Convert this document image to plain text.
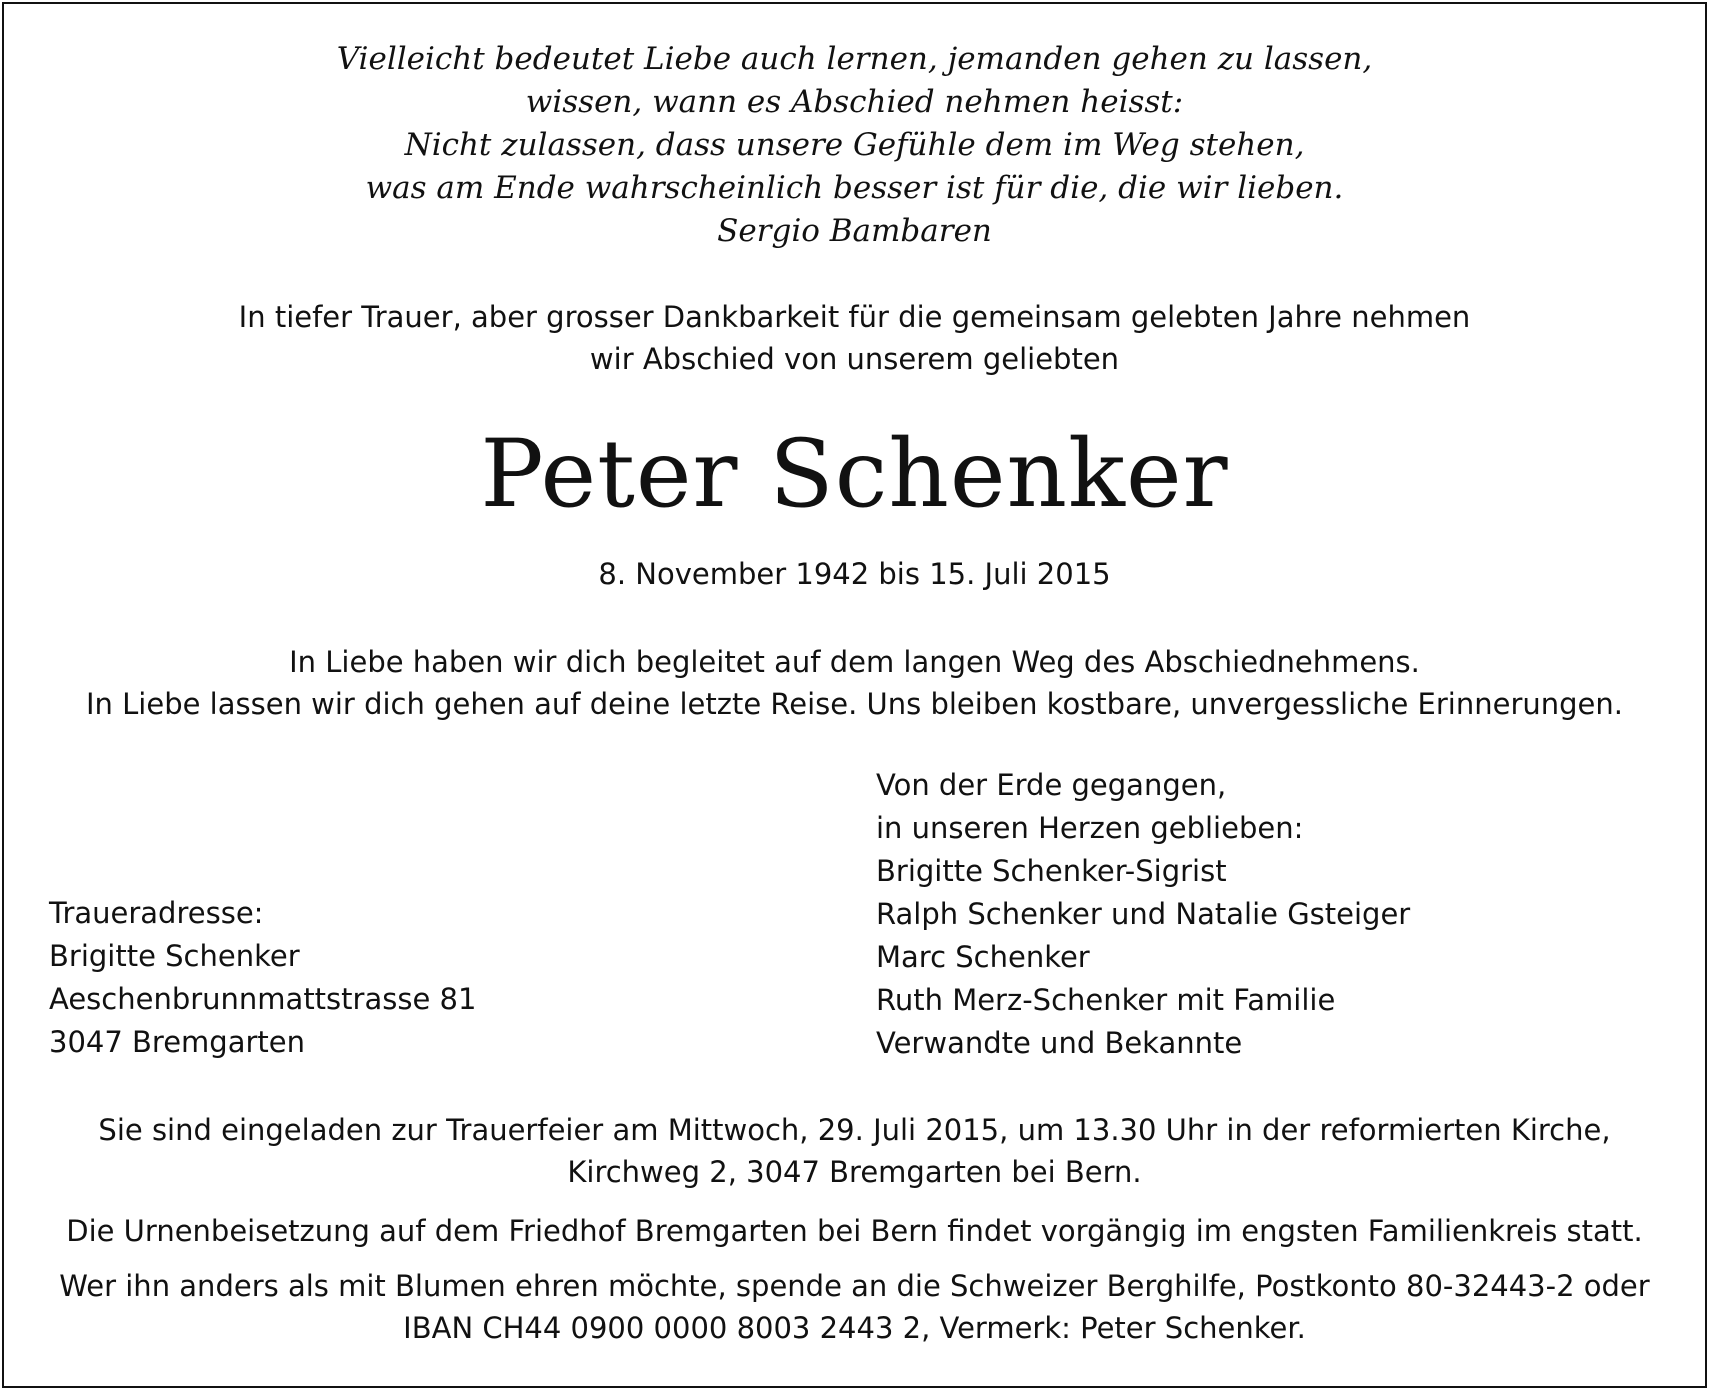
Vielleicht bedeutet Liebe auch lernen, jemanden gehen zu lassen,
wissen, wann es Abschied nehmen heisst:
Nicht zulassen, dass unsere Gefühle dem im Weg stehen,
was am Ende wahrscheinlich besser ist für die, die wir lieben.
Sergio Bambaren
In tiefer Trauer, aber grosser Dankbarkeit für die gemeinsam gelebten Jahre nehmen
wir Abschied von unserem geliebten
Peter Schenker
8. November 1942 bis 15. Juli 2015
In Liebe haben wir dich begleitet auf dem langen Weg des Abschiednehmens.
In Liebe lassen wir dich gehen auf deine letzte Reise. Uns bleiben kostbare, unvergessliche Erinnerungen.
Von der Erde gegangen,
in unseren Herzen geblieben:
Brigitte Schenker-Sigrist
Ralph Schenker und Natalie Gsteiger
Marc Schenker
Ruth Merz-Schenker mit Familie
Verwandte und Bekannte
Traueradresse:
Brigitte Schenker
Aeschenbrunnmattstrasse 81
3047 Bremgarten
Sie sind eingeladen zur Trauerfeier am Mittwoch, 29. Juli 2015, um 13.30 Uhr in der reformierten Kirche,
Kirchweg 2, 3047 Bremgarten bei Bern.
Die Urnenbeisetzung auf dem Friedhof Bremgarten bei Bern findet vorgängig im engsten Familienkreis statt.
Wer ihn anders als mit Blumen ehren möchte, spende an die Schweizer Berghilfe, Postkonto 80-32443-2 oder
IBAN CH44 0900 0000 8003 2443 2, Vermerk: Peter Schenker.
